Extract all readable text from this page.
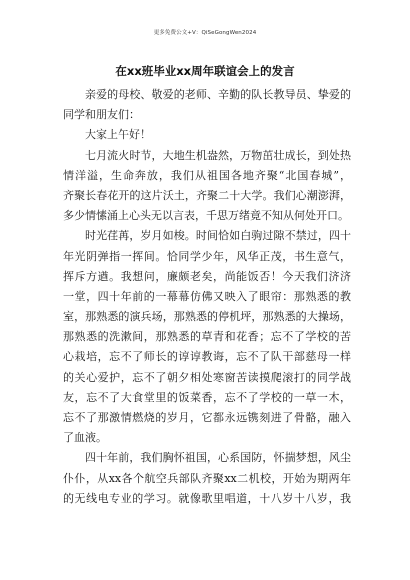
更多免费公文+V：QiSeGongWen2024
在xx班毕业xx周年联谊会上的发言
亲爱的母校、敬爱的老师、辛勤的队长教导员、挚爱的
同学和朋友们：
大家上午好！
七月流火时节，大地生机盎然，万物茁壮成长，到处热
情洋溢，生命奔放，我们从祖国各地齐聚“北国春城”，
齐聚长春花开的这片沃土，齐聚二十大学。我们心潮澎湃，
多少情愫涌上心头无以言表，千思万绪竟不知从何处开口。
时光荏苒，岁月如梭。时间恰如白驹过隙不禁过，四十
年光阴弹指一挥间。恰同学少年，风华正茂，书生意气，
挥斥方遒。我想问，廉颇老矣，尚能饭否！今天我们济济
一堂，四十年前的一幕幕仿佛又映入了眼帘：那熟悉的教
室，那熟悉的演兵场，那熟悉的停机坪，那熟悉的大操场，
那熟悉的洗漱间，那熟悉的草青和花香；忘不了学校的苦
心栽培，忘不了师长的谆谆教诲，忘不了队干部慈母一样
的关心爱护，忘不了朝夕相处寒窗苦读摸爬滚打的同学战
友，忘不了大食堂里的饭菜香，忘不了学校的一草一木，
忘不了那激情燃烧的岁月，它都永远镌刻进了骨骼，融入
了血液。
四十年前，我们胸怀祖国，心系国防，怀揣梦想，风尘
仆仆，从xx各个航空兵部队齐聚xx二机校，开始为期两年
的无线电专业的学习。就像歌里唱道，十八岁十八岁，我
